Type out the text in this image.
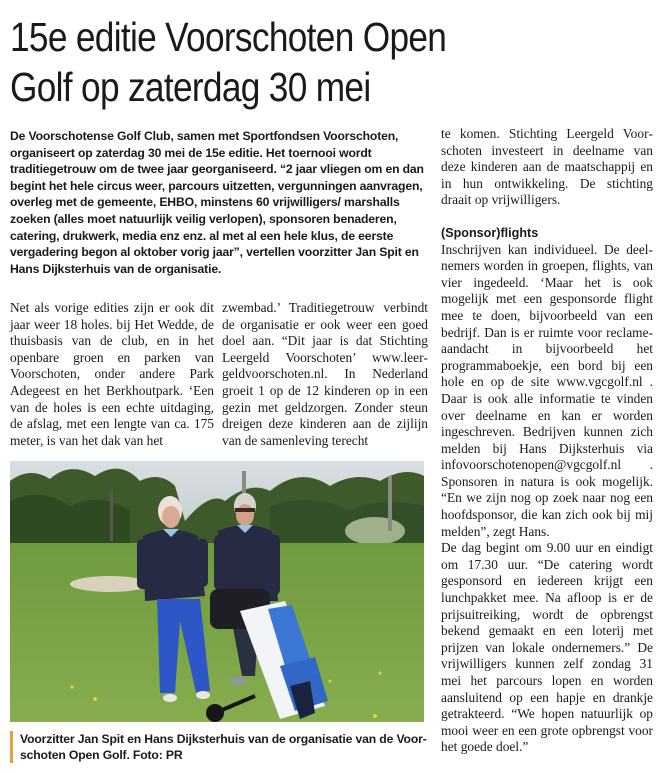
15e editie Voorschoten Open
Golf op zaterdag 30 mei

De Voorschotense Golf Club, samen met Sportfondsen Voorschoten, organiseert op zaterdag 30 mei de 15e editie. Het toernooi wordt traditiegetrouw om de twee jaar georganiseerd. “2 jaar vliegen om en dan begint het hele circus weer, parcours uitzetten, vergunningen aanvragen, overleg met de gemeente, EHBO, minstens 60 vrijwilligers/ marshalls zoeken (alles moet natuurlijk veilig verlopen), sponsoren benaderen, catering, drukwerk, media enz enz. al met al een hele klus, de eerste vergadering begon al oktober vorig jaar”, vertellen voorzitter Jan Spit en Hans Dijksterhuis van de organisatie.

Net als vorige edities zijn er ook dit jaar weer 18 holes. bij Het Wedde, de thuisbasis van de club, en in het openbare groen en parken van Voorschoten, onder andere Park Adegeest en het Berkhoutpark. ‘Een van de holes is een echte uitdaging, de afslag, met een lengte van ca. 175 meter, is van het dak van het

zwembad.’ Traditiegetrouw verbindt de organisatie er ook weer een goed doel aan. “Dit jaar is dat Stichting Leergeld Voorschoten’ www.leergeldvoorschoten.nl. In Nederland groeit 1 op de 12 kinderen op in een gezin met geldzorgen. Zonder steun dreigen deze kinderen aan de zijlijn van de samenleving terecht

te komen. Stichting Leergeld Voorschoten investeert in deelname van deze kinderen aan de maatschappij en in hun ontwikkeling. De stichting draait op vrijwilligers.

(Sponsor)flights

Inschrijven kan individueel. De deelnemers worden in groepen, flights, van vier ingedeeld. ‘Maar het is ook mogelijk met een gesponsorde flight mee te doen, bijvoorbeeld van een bedrijf. Dan is er ruimte voor reclame-aandacht in bijvoorbeeld het programmaboekje, een bord bij een hole en op de site www.vgcgolf.nl . Daar is ook alle informatie te vinden over deelname en kan er worden ingeschreven. Bedrijven kunnen zich melden bij Hans Dijksterhuis via infovoorschotenopen@vgcgolf.nl . Sponsoren in natura is ook mogelijk. “En we zijn nog op zoek naar nog een hoofdsponsor, die kan zich ook bij mij melden”, zegt Hans.

De dag begint om 9.00 uur en eindigt om 17.30 uur. “De catering wordt gesponsord en iedereen krijgt een lunchpakket mee. Na afloop is er de prijsuitreiking, wordt de opbrengst bekend gemaakt en een loterij met prijzen van lokale ondernemers.” De vrijwilligers kunnen zelf zondag 31 mei het parcours lopen en worden aansluitend op een hapje en drankje getrakteerd. “We hopen natuurlijk op mooi weer en een grote opbrengst voor het goede doel.”

Voorzitter Jan Spit en Hans Dijksterhuis van de organisatie van de Voorschoten Open Golf. Foto: PR
